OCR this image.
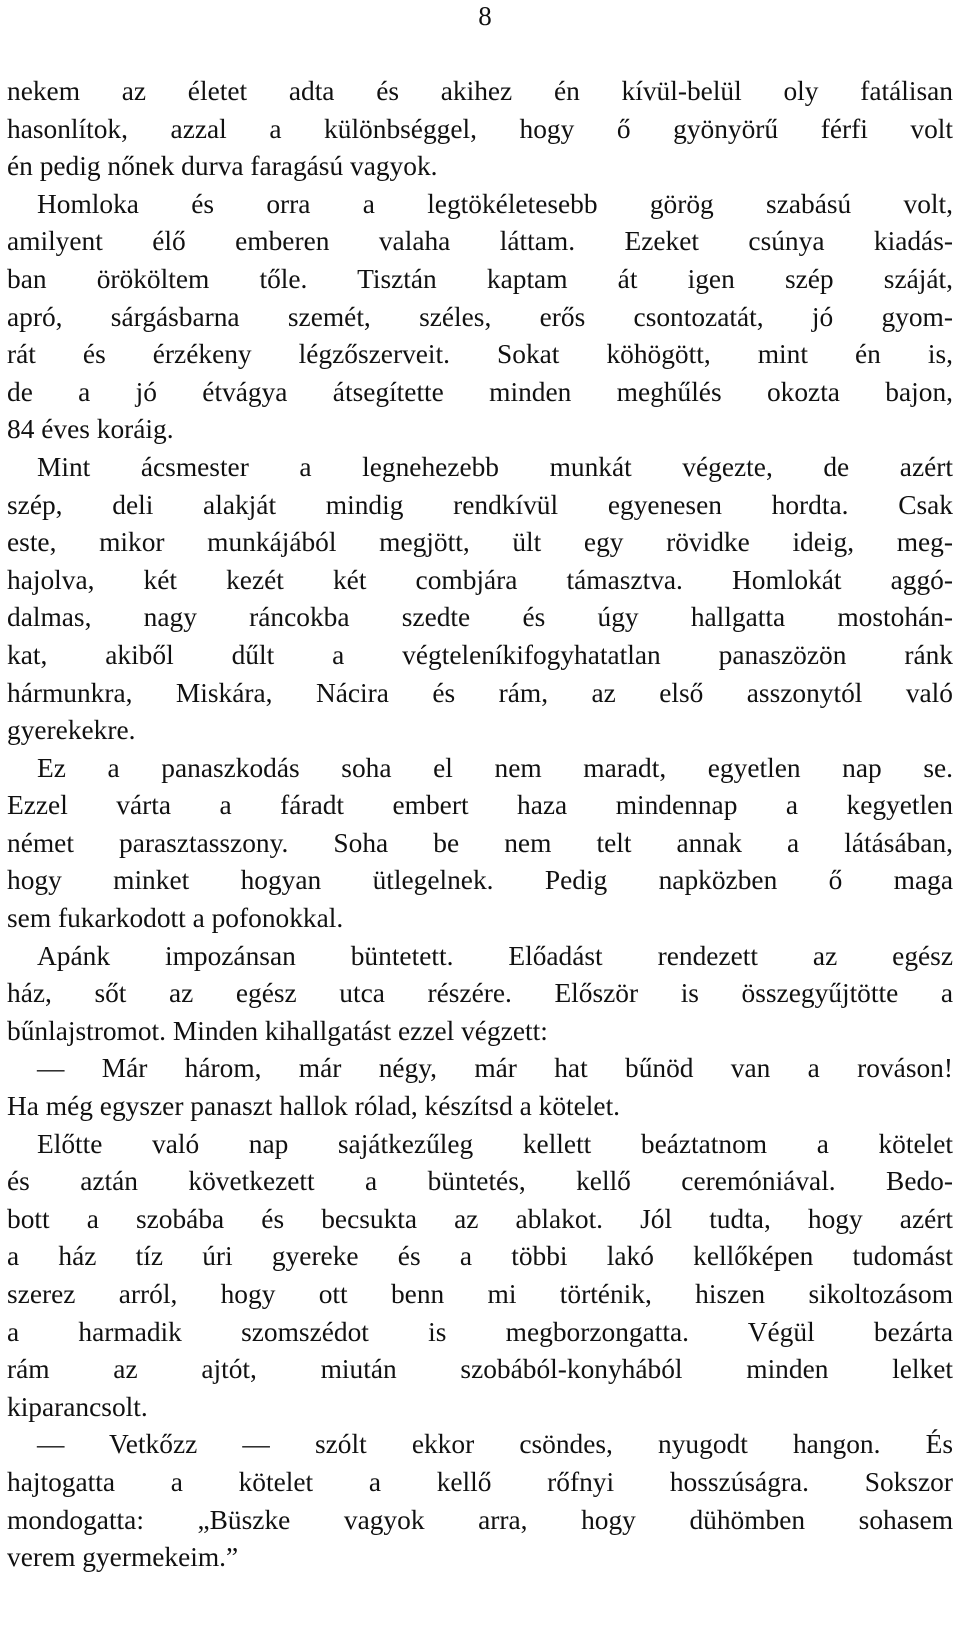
8
nekem az életet adta és akihez én kívül-belül oly fatálisan
hasonlítok, azzal a különbséggel, hogy ő gyönyörű férfi volt
én pedig nőnek durva faragású vagyok.
Homloka és orra a legtökéletesebb görög szabású volt,
amilyent élő emberen valaha láttam. Ezeket csúnya kiadás-
ban örököltem tőle. Tisztán kaptam át igen szép száját,
apró, sárgásbarna szemét, széles, erős csontozatát, jó gyom-
rát és érzékeny légzőszerveit. Sokat köhögött, mint én is,
de a jó étvágya átsegítette minden meghűlés okozta bajon,
84 éves koráig.
Mint ácsmester a legnehezebb munkát végezte, de azért
szép, deli alakját mindig rendkívül egyenesen hordta. Csak
este, mikor munkájából megjött, ült egy rövidke ideig, meg-
hajolva, két kezét két combjára támasztva. Homlokát aggó-
dalmas, nagy ráncokba szedte és úgy hallgatta mostohán-
kat, akiből dűlt a végteleníkifogyhatatlan panaszözön ránk
hármunkra, Miskára, Nácira és rám, az első asszonytól való
gyerekekre.
Ez a panaszkodás soha el nem maradt, egyetlen nap se.
Ezzel várta a fáradt embert haza mindennap a kegyetlen
német parasztasszony. Soha be nem telt annak a látásában,
hogy minket hogyan ütlegelnek. Pedig napközben ő maga
sem fukarkodott a pofonokkal.
Apánk impozánsan büntetett. Előadást rendezett az egész
ház, sőt az egész utca részére. Először is összegyűjtötte a
bűnlajstromot. Minden kihallgatást ezzel végzett:
— Már három, már négy, már hat bűnöd van a rováson!
Ha még egyszer panaszt hallok rólad, készítsd a kötelet.
Előtte való nap sajátkezűleg kellett beáztatnom a kötelet
és aztán következett a büntetés, kellő ceremóniával. Bedo-
bott a szobába és becsukta az ablakot. Jól tudta, hogy azért
a ház tíz úri gyereke és a többi lakó kellőképen tudomást
szerez arról, hogy ott benn mi történik, hiszen sikoltozásom
a harmadik szomszédot is megborzongatta. Végül bezárta
rám az ajtót, miután szobából-konyhából minden lelket
kiparancsolt.
— Vetkőzz — szólt ekkor csöndes, nyugodt hangon. És
hajtogatta a kötelet a kellő rőfnyi hosszúságra. Sokszor
mondogatta: „Büszke vagyok arra, hogy dühömben sohasem
verem gyermekeim.”
